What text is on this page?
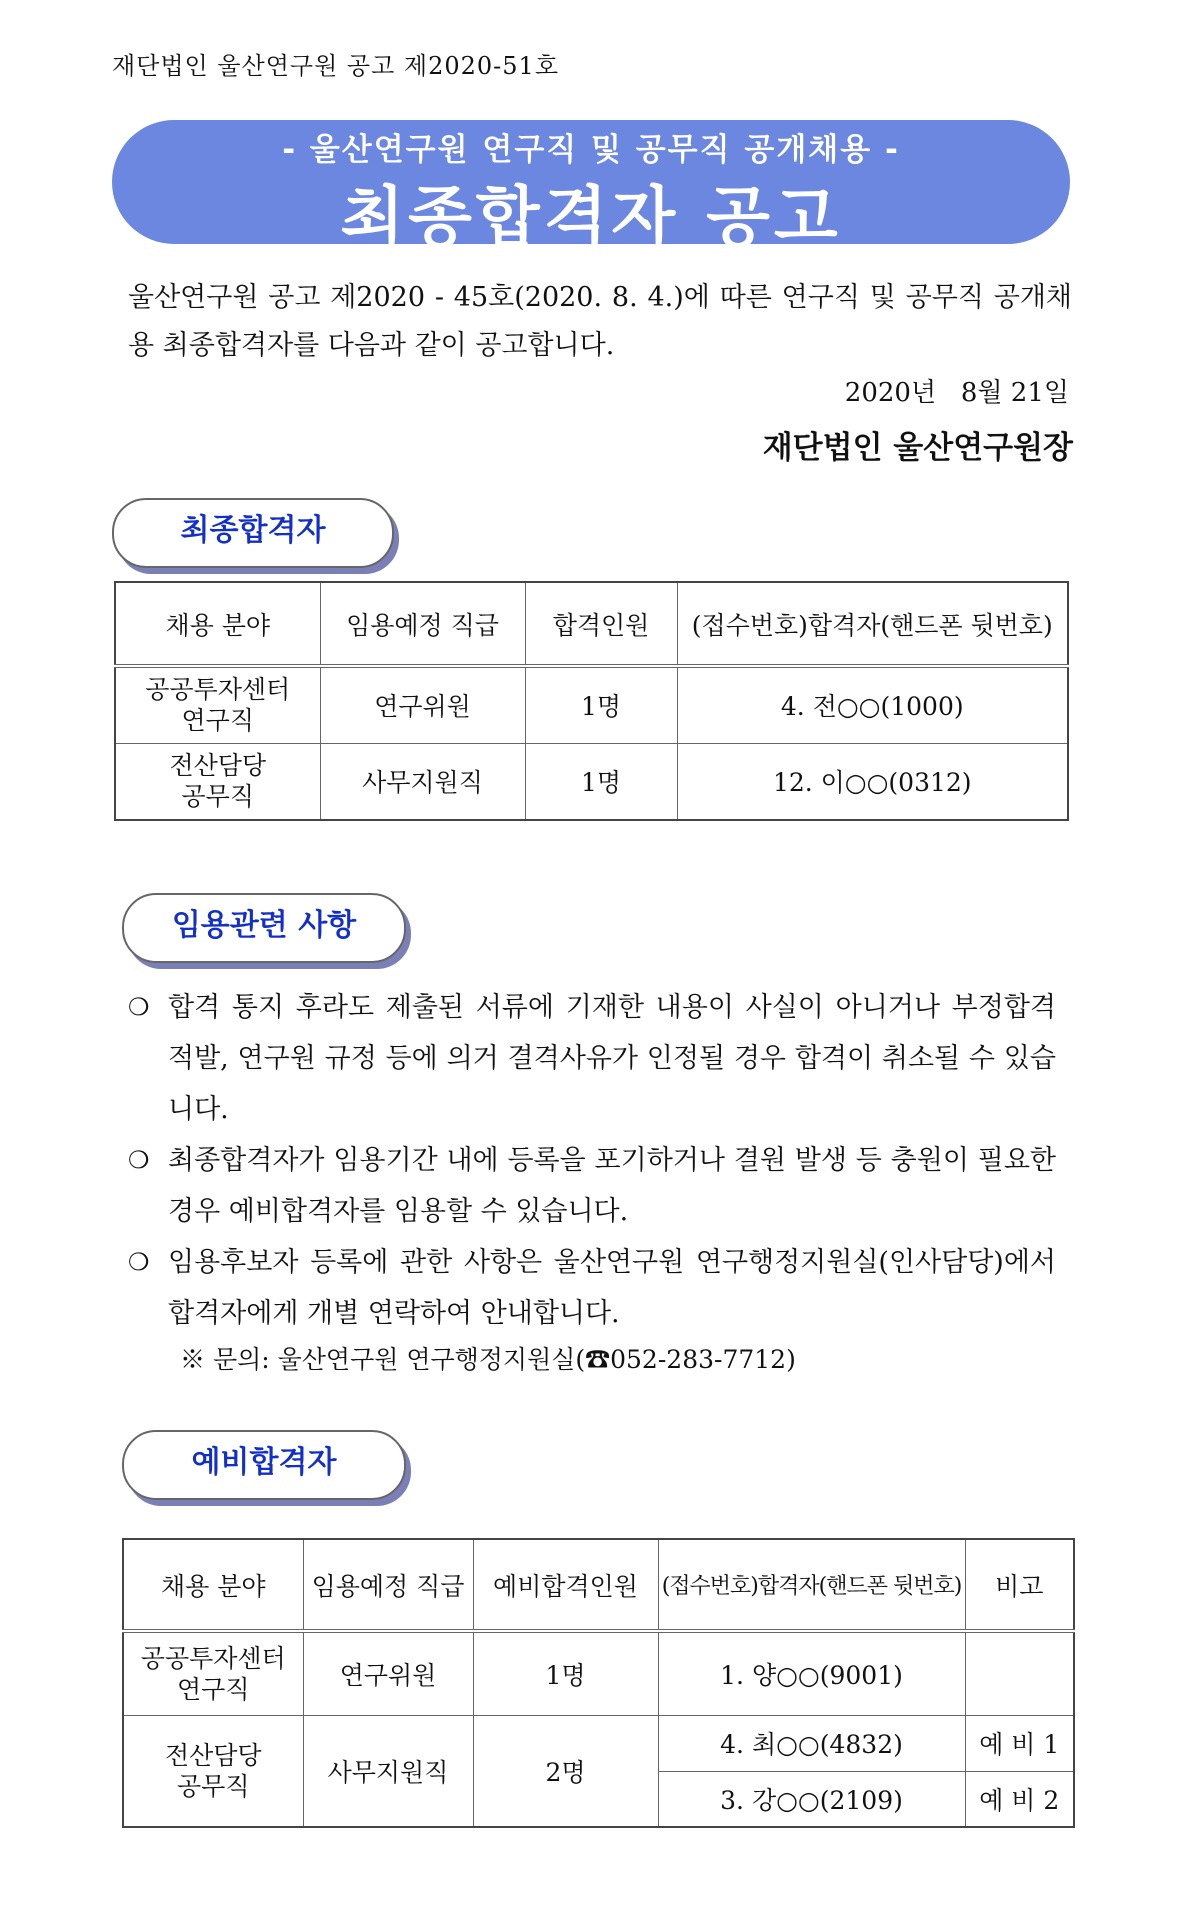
재단법인 울산연구원 공고 제2020-51호
- 울산연구원 연구직 및 공무직 공개채용 -
최종합격자 공고
울산연구원 공고 제2020 - 45호(2020. 8. 4.)에 따른 연구직 및 공무직 공개채용 최종합격자를 다음과 같이 공고합니다.
2020년   8월 21일
재단법인 울산연구원장
최종합격자
채용 분야	임용예정 직급	합격인원	(접수번호)합격자(핸드폰 뒷번호)
공공투자센터
연구직	연구위원	1명	4. 전○○(1000)
전산담당
공무직	사무지원직	1명	12. 이○○(0312)
임용관련 사항
❍ 합격 통지 후라도 제출된 서류에 기재한 내용이 사실이 아니거나 부정합격 적발, 연구원 규정 등에 의거 결격사유가 인정될 경우 합격이 취소될 수 있습니다.
❍ 최종합격자가 임용기간 내에 등록을 포기하거나 결원 발생 등 충원이 필요한 경우 예비합격자를 임용할 수 있습니다.
❍ 임용후보자 등록에 관한 사항은 울산연구원 연구행정지원실(인사담당)에서 합격자에게 개별 연락하여 안내합니다.
※ 문의: 울산연구원 연구행정지원실(☎052-283-7712)
예비합격자
채용 분야	임용예정 직급	예비합격인원	(접수번호)합격자(핸드폰 뒷번호)	비고
공공투자센터
연구직	연구위원	1명	1. 양○○(9001)	
전산담당
공무직	사무지원직	2명	4. 최○○(4832)	예 비 1
			3. 강○○(2109)	예 비 2
